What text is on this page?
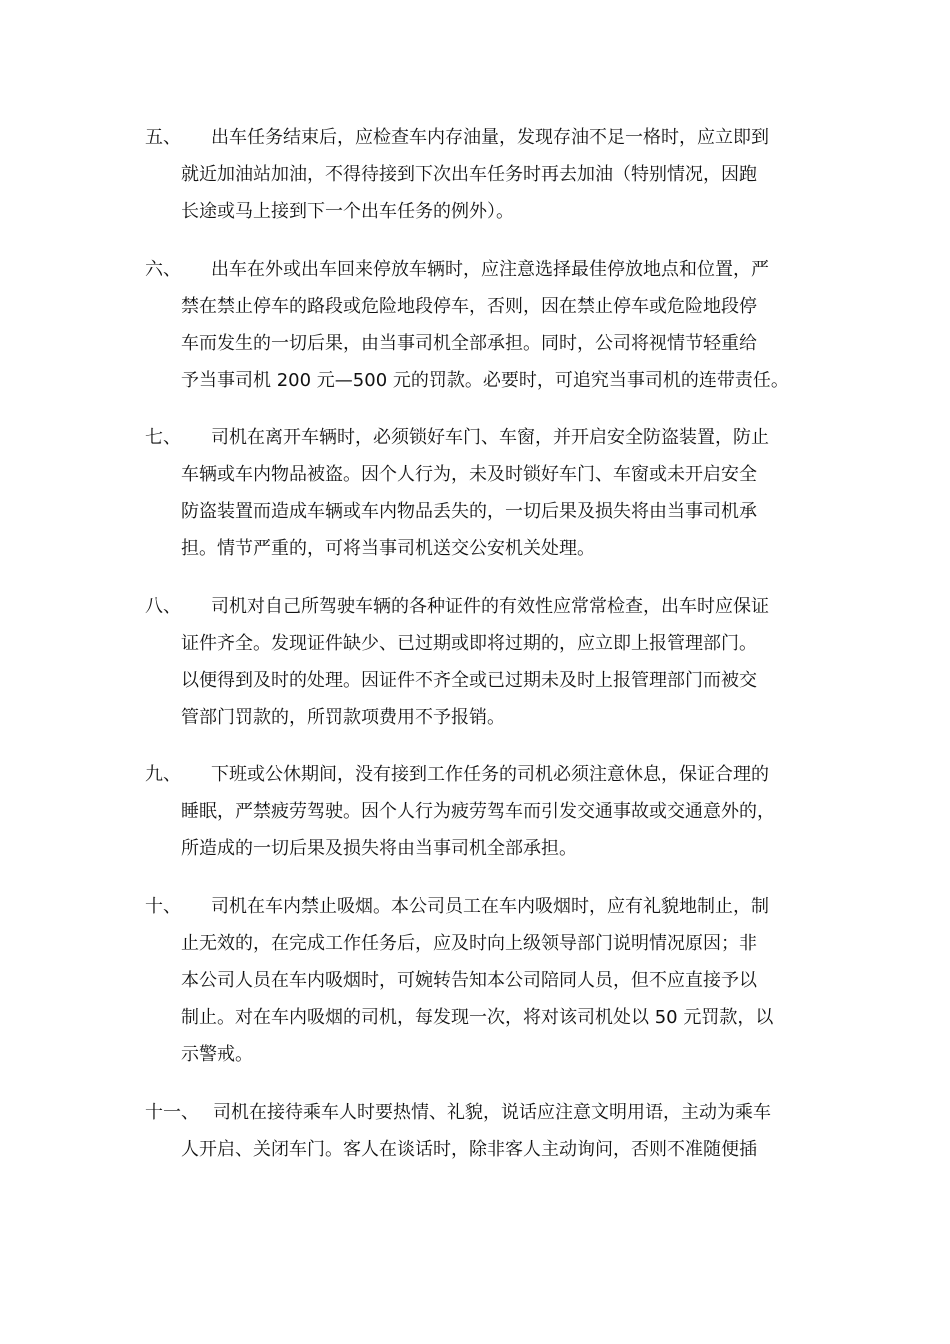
五、	出车任务结束后，应检查车内存油量，发现存油不足一格时，应立即到
就近加油站加油，不得待接到下次出车任务时再去加油（特别情况，因跑
长途或马上接到下一个出车任务的例外）。
六、	出车在外或出车回来停放车辆时，应注意选择最佳停放地点和位置，严
禁在禁止停车的路段或危险地段停车，否则，因在禁止停车或危险地段停
车而发生的一切后果，由当事司机全部承担。同时，公司将视情节轻重给
予当事司机 200 元—500 元的罚款。必要时，可追究当事司机的连带责任。
七、	司机在离开车辆时，必须锁好车门、车窗，并开启安全防盗装置，防止
车辆或车内物品被盗。因个人行为，未及时锁好车门、车窗或未开启安全
防盗装置而造成车辆或车内物品丢失的，一切后果及损失将由当事司机承
担。情节严重的，可将当事司机送交公安机关处理。
八、	司机对自己所驾驶车辆的各种证件的有效性应常常检查，出车时应保证
证件齐全。发现证件缺少、已过期或即将过期的，应立即上报管理部门。
以便得到及时的处理。因证件不齐全或已过期未及时上报管理部门而被交
管部门罚款的，所罚款项费用不予报销。
九、	下班或公休期间，没有接到工作任务的司机必须注意休息，保证合理的
睡眠，严禁疲劳驾驶。因个人行为疲劳驾车而引发交通事故或交通意外的，
所造成的一切后果及损失将由当事司机全部承担。
十、	司机在车内禁止吸烟。本公司员工在车内吸烟时，应有礼貌地制止，制
止无效的，在完成工作任务后，应及时向上级领导部门说明情况原因；非
本公司人员在车内吸烟时，可婉转告知本公司陪同人员，但不应直接予以
制止。对在车内吸烟的司机，每发现一次，将对该司机处以 50 元罚款，以
示警戒。
十一、 司机在接待乘车人时要热情、礼貌，说话应注意文明用语，主动为乘车
人开启、关闭车门。客人在谈话时，除非客人主动询问，否则不准随便插
